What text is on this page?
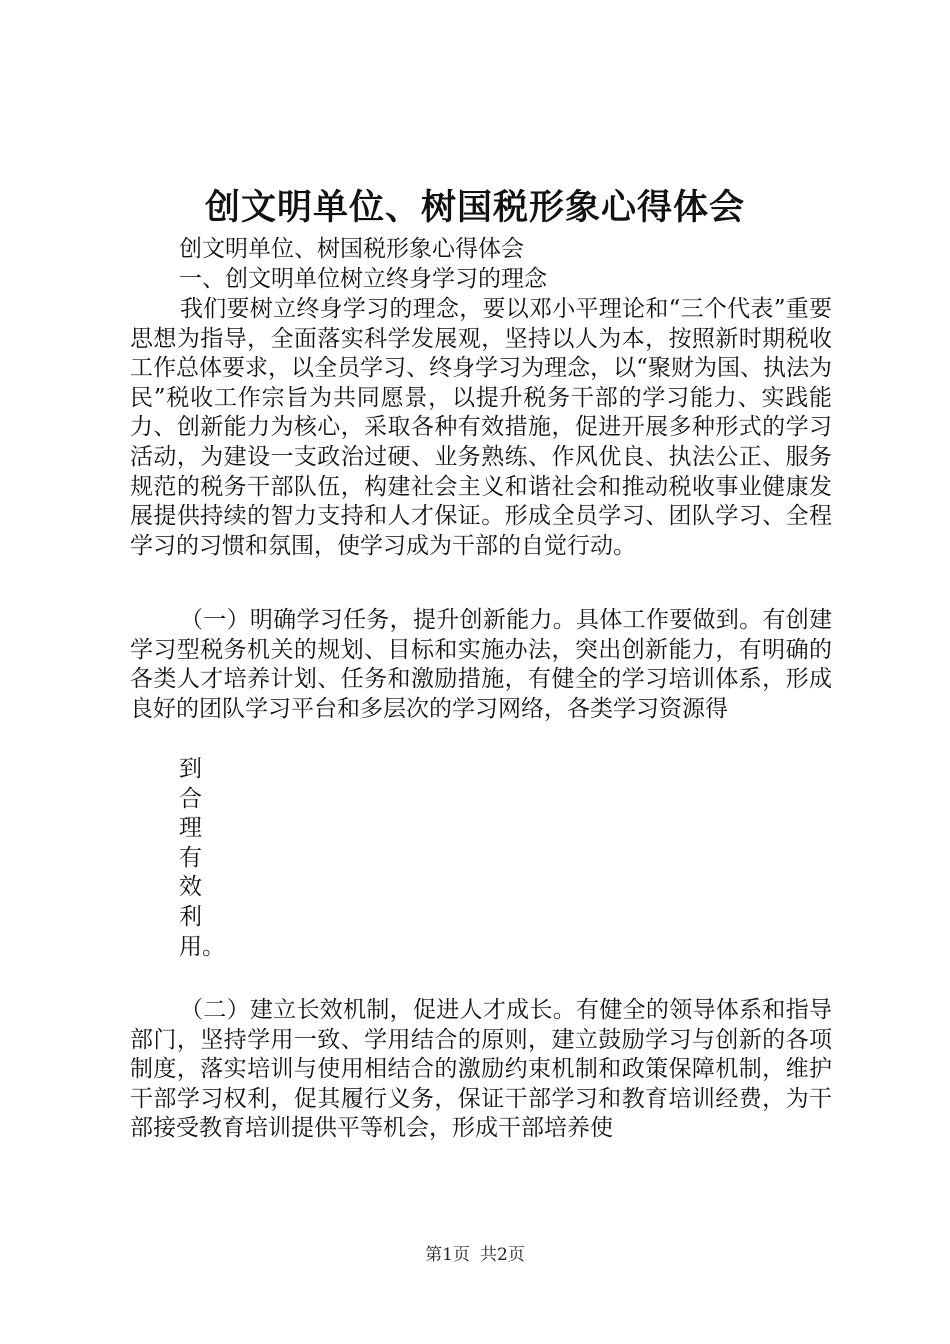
创文明单位、树国税形象心得体会
创文明单位、树国税形象心得体会
一、创文明单位树立终身学习的理念

我们要树立终身学习的理念，要以邓小平理论和“三个代表”重要思想为指导，全面落实科学发展观，坚持以人为本，按照新时期税收工作总体要求，以全员学习、终身学习为理念，以“聚财为国、执法为民”税收工作宗旨为共同愿景，以提升税务干部的学习能力、实践能力、创新能力为核心，采取各种有效措施，促进开展多种形式的学习活动，为建设一支政治过硬、业务熟练、作风优良、执法公正、服务规范的税务干部队伍，构建社会主义和谐社会和推动税收事业健康发展提供持续的智力支持和人才保证。形成全员学习、团队学习、全程学习的习惯和氛围，使学习成为干部的自觉行动。

（一）明确学习任务，提升创新能力。具体工作要做到。有创建学习型税务机关的规划、目标和实施办法，突出创新能力，有明确的各类人才培养计划、任务和激励措施，有健全的学习培训体系，形成良好的团队学习平台和多层次的学习网络，各类学习资源得

到合理有效利用。

（二）建立长效机制，促进人才成长。有健全的领导体系和指导部门，坚持学用一致、学用结合的原则，建立鼓励学习与创新的各项制度，落实培训与使用相结合的激励约束机制和政策保障机制，维护干部学习权利，促其履行义务，保证干部学习和教育培训经费，为干部接受教育培训提供平等机会，形成干部培养使

第1页 共2页
